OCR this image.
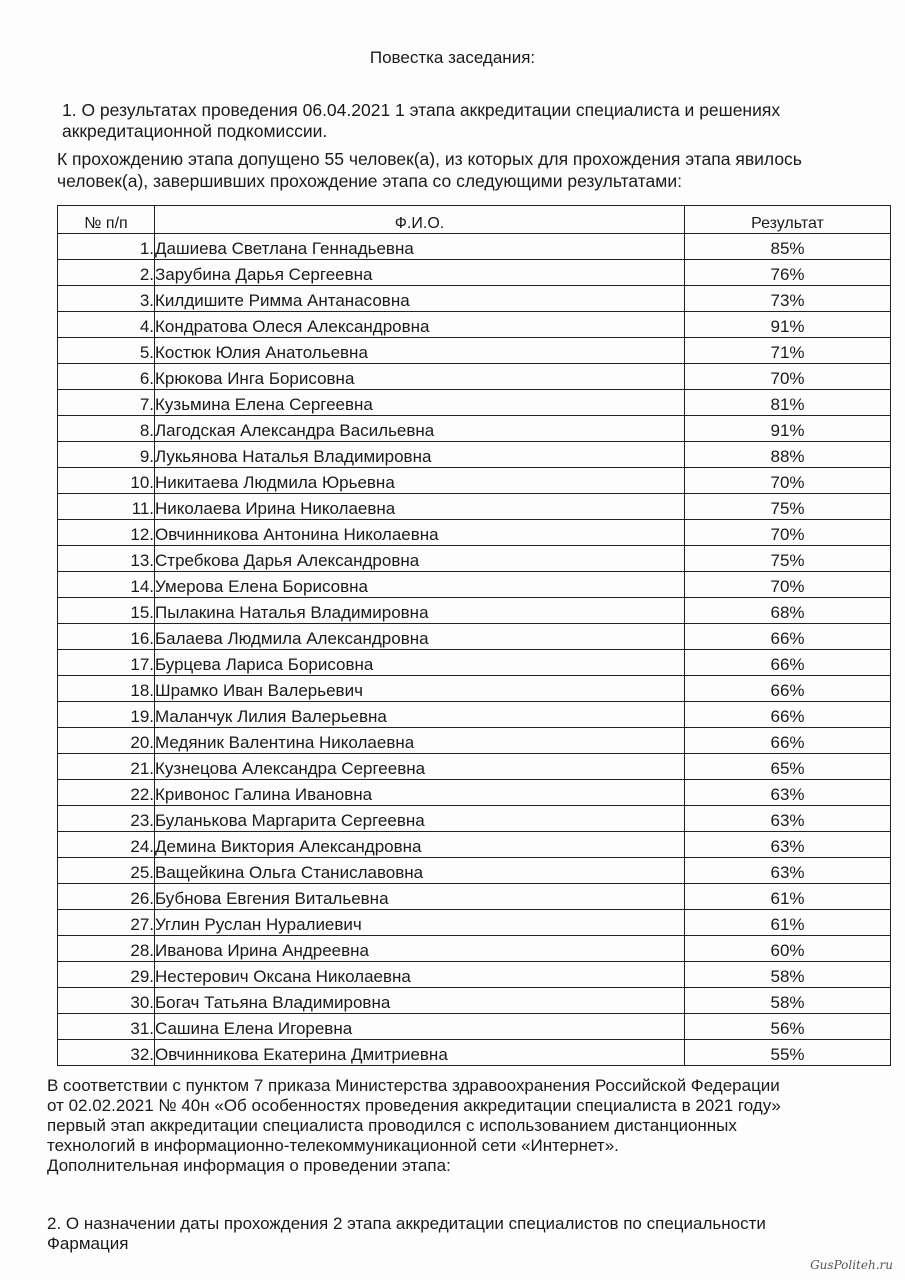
Повестка заседания:
1. О результатах проведения 06.04.2021 1 этапа аккредитации специалиста и решениях
аккредитационной подкомиссии.
К прохождению этапа допущено 55 человек(а), из которых для прохождения этапа явилось
человек(а), завершивших прохождение этапа со следующими результатами:
№ п/п	Ф.И.О.	Результат
1.	Дашиева Светлана Геннадьевна	85%
2.	Зарубина Дарья Сергеевна	76%
3.	Килдишите Римма Антанасовна	73%
4.	Кондратова Олеся Александровна	91%
5.	Костюк Юлия Анатольевна	71%
6.	Крюкова Инга Борисовна	70%
7.	Кузьмина Елена Сергеевна	81%
8.	Лагодская Александра Васильевна	91%
9.	Лукьянова Наталья Владимировна	88%
10.	Никитаева Людмила Юрьевна	70%
11.	Николаева Ирина Николаевна	75%
12.	Овчинникова Антонина Николаевна	70%
13.	Стребкова Дарья Александровна	75%
14.	Умерова Елена Борисовна	70%
15.	Пылакина Наталья Владимировна	68%
16.	Балаева Людмила Александровна	66%
17.	Бурцева Лариса Борисовна	66%
18.	Шрамко Иван Валерьевич	66%
19.	Маланчук Лилия Валерьевна	66%
20.	Медяник Валентина Николаевна	66%
21.	Кузнецова Александра Сергеевна	65%
22.	Кривонос Галина Ивановна	63%
23.	Буланькова Маргарита Сергеевна	63%
24.	Демина Виктория Александровна	63%
25.	Ващейкина Ольга Станиславовна	63%
26.	Бубнова Евгения Витальевна	61%
27.	Углин Руслан Нуралиевич	61%
28.	Иванова Ирина Андреевна	60%
29.	Нестерович Оксана Николаевна	58%
30.	Богач Татьяна Владимировна	58%
31.	Сашина Елена Игоревна	56%
32.	Овчинникова Екатерина Дмитриевна	55%
В соответствии с пунктом 7 приказа Министерства здравоохранения Российской Федерации
от 02.02.2021 № 40н «Об особенностях проведения аккредитации специалиста в 2021 году»
первый этап аккредитации специалиста проводился с использованием дистанционных
технологий в информационно-телекоммуникационной сети «Интернет».
Дополнительная информация о проведении этапа:
2. О назначении даты прохождения 2 этапа аккредитации специалистов по специальности
Фармация
GusPoliteh.ru
